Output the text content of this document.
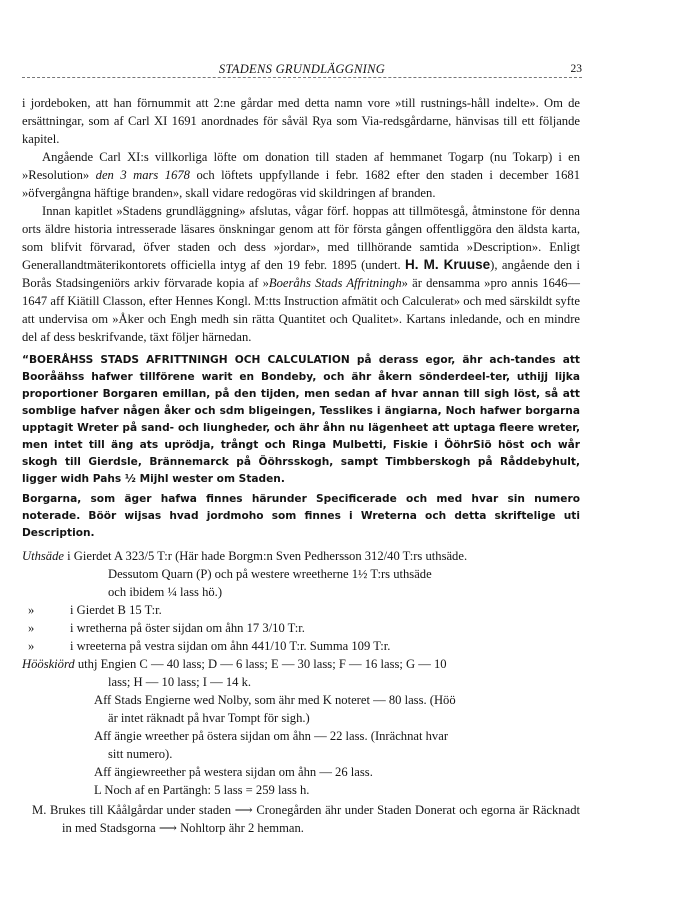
STADENS GRUNDLÄGGNING	23

i jordeboken, att han förnummit att 2:ne gårdar med detta namn vore »till rustnings-håll indelte». Om de ersättningar, som af Carl XI 1691 anordnades för såväl Rya som Via-redsgårdarne, hänvisas till ett följande kapitel.

Angående Carl XI:s villkorliga löfte om donation till staden af hemmanet Togarp (nu Tokarp) i en »Resolution» den 3 mars 1678 och löftets uppfyllande i febr. 1682 efter den staden i december 1681 »öfvergångna häftige branden», skall vidare redogöras vid skildringen af branden.

Innan kapitlet »Stadens grundläggning» afslutas, vågar förf. hoppas att tillmötesgå, åtminstone för denna orts äldre historia intresserade läsares önskningar genom att för första gången offentliggöra den äldsta karta, som blifvit förvarad, öfver staden och dess »jordar», med tillhörande samtida »Description». Enligt Generallandtmäterikontorets officiella intyg af den 19 febr. 1895 (undert. H. M. Kruuse), angående den i Borås Stadsingeniörs arkiv förvarade kopia af »Boeråhs Stads Affritningh» är densamma »pro annis 1646—1647 aff Kiätill Classon, efter Hennes Kongl. M:tts Instruction afmätit och Calculerat» och med särskildt syfte att undervisa om »Åker och Engh medh sin rätta Quantitet och Qualitet». Kartans inledande, och en mindre del af dess beskrifvande, täxt följer härnedan.

“BOERÅHSS STADS AFRITTNINGH OCH CALCULATION på derass egor, ähr ach-tandes att Booråähss hafwer tillförene warit en Bondeby, och ähr åkern sönderdeel-ter, uthijj lijka proportioner Borgaren emillan, på den tijden, men sedan af hvar annan till sigh löst, så att somblige hafver någen åker och sdm bligeingen, Tesslikes i ängiarna, Noch hafwer borgarna upptagit Wreter på sand- och liungheder, och ähr åhn nu lägenheet att uptaga fleere wreter, men intet till äng ats uprödja, trångt och Ringa Mulbetti, Fiskie i ÖöhrSiö höst och wår skogh till Gierdsle, Brännemarck på Ööhrsskogh, sampt Timbberskogh på Råddebyhult, ligger widh Pahs ½ Mijhl wester om Staden.

Borgarna, som äger hafwa finnes härunder Specificerade och med hvar sin numero noterade. Böör wijsas hvad jordmoho som finnes i Wreterna och detta skriftelige uti Description.

Uthsäde i Gierdet A 323/5 T:r (Här hade Borgm:n Sven Pedhersson 312/40 T:rs uthsäde.

Dessutom Quarn (P) och på westere wreetherne 1½ T:rs uthsäde

och ibidem ¼ lass hö.)

»	i Gierdet B 15 T:r.

»	i wretherna på öster sijdan om åhn 17 3/10 T:r.

»	i wreeterna på vestra sijdan om åhn 441/10 T:r. Summa 109 T:r.

Hööskiörd uthj Engien C — 40 lass; D — 6 lass; E — 30 lass; F — 16 lass; G — 10

lass; H — 10 lass; I — 14 k.

Aff Stads Engierne wed Nolby, som ähr med K noteret — 80 lass. (Höö

är intet räknadt på hvar Tompt för sigh.)

Aff ängie wreether på östera sijdan om åhn — 22 lass. (Inrächnat hvar

sitt numero).

Aff ängiewreether på westera sijdan om åhn — 26 lass.

L Noch af en Partängh: 5 lass = 259 lass h.

M. Brukes till Kåålgårdar under staden ⟶ Cronegården ähr under Staden Donerat och egorna är Räcknadt in med Stadsgorna ⟶ Nohltorp ähr 2 hemman.
